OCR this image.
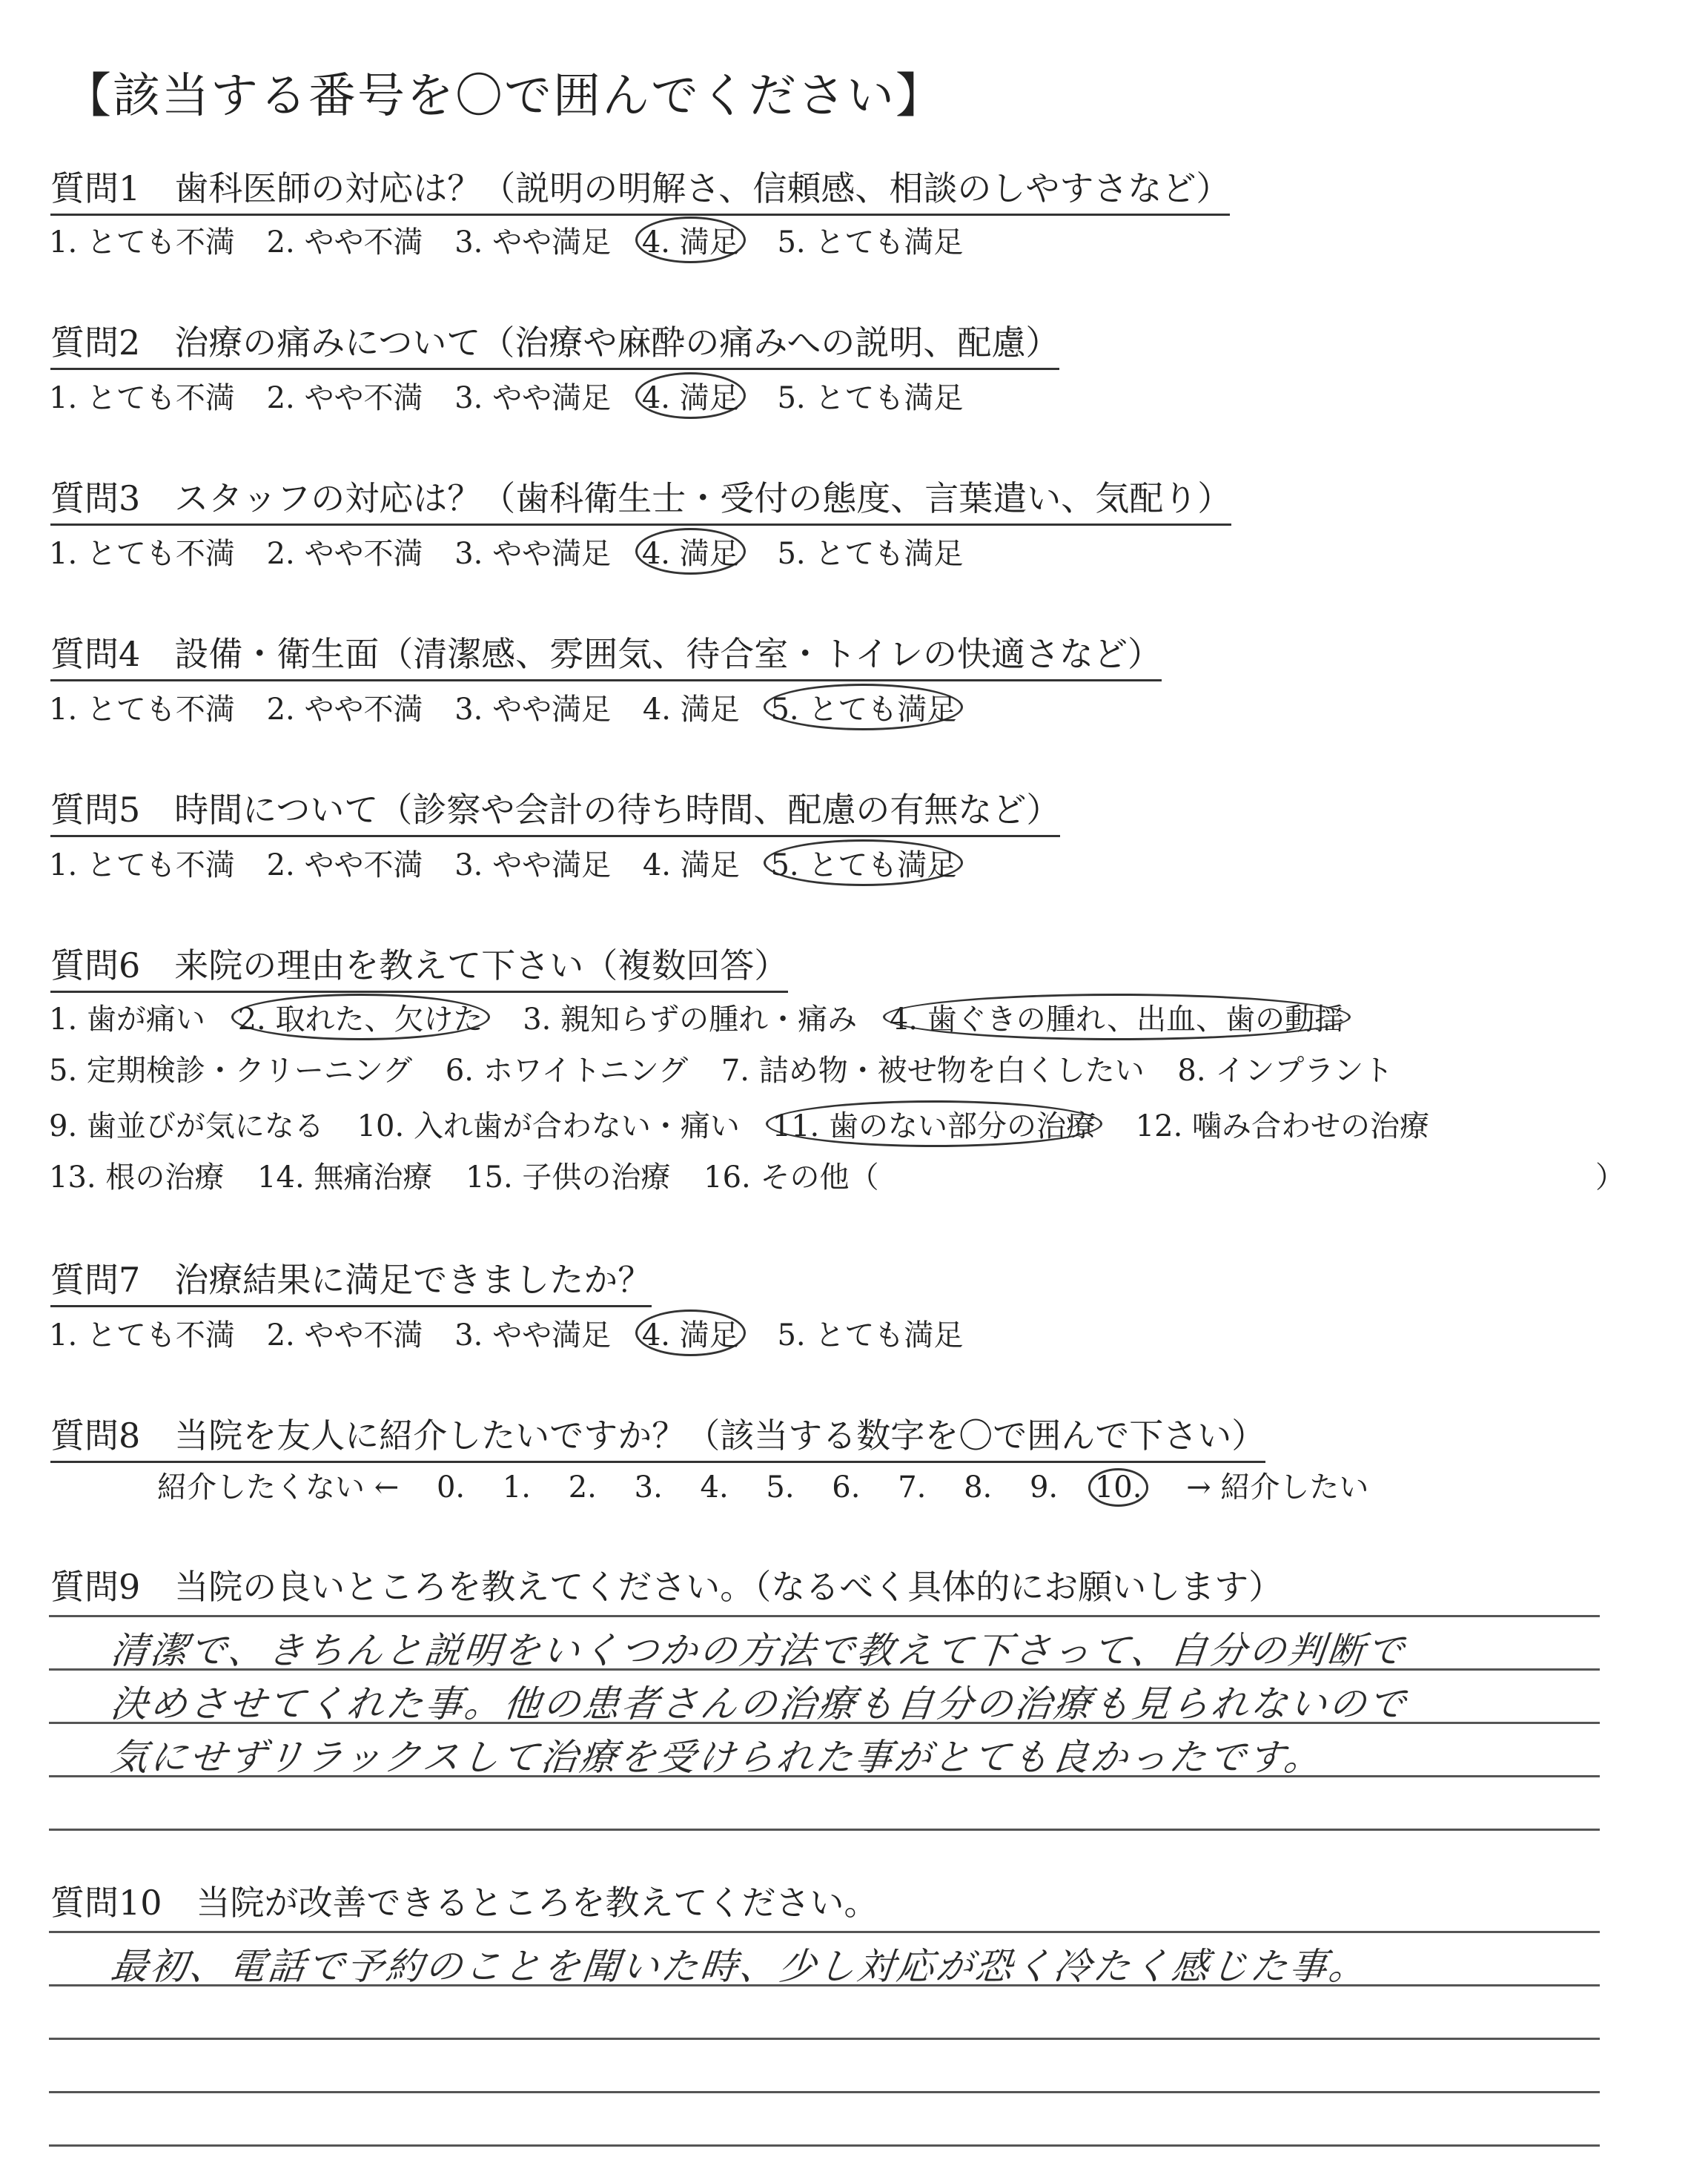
【該当する番号を〇で囲んでください】
質問1　歯科医師の対応は？（説明の明解さ、信頼感、相談のしやすさなど）
1. とても不満 2. やや不満 3. やや満足 4. 満足 5. とても満足
質問2　治療の痛みについて（治療や麻酔の痛みへの説明、配慮）
1. とても不満 2. やや不満 3. やや満足 4. 満足 5. とても満足
質問3　スタッフの対応は？（歯科衛生士・受付の態度、言葉遣い、気配り）
1. とても不満 2. やや不満 3. やや満足 4. 満足 5. とても満足
質問4　設備・衛生面（清潔感、雰囲気、待合室・トイレの快適さなど）
1. とても不満 2. やや不満 3. やや満足 4. 満足 5. とても満足
質問5　時間について（診察や会計の待ち時間、配慮の有無など）
1. とても不満 2. やや不満 3. やや満足 4. 満足 5. とても満足
質問6　来院の理由を教えて下さい（複数回答）
1. 歯が痛い 2. 取れた、欠けた 3. 親知らずの腫れ・痛み 4. 歯ぐきの腫れ、出血、歯の動揺
5. 定期検診・クリーニング 6. ホワイトニング 7. 詰め物・被せ物を白くしたい 8. インプラント
9. 歯並びが気になる 10. 入れ歯が合わない・痛い 11. 歯のない部分の治療 12. 噛み合わせの治療
13. 根の治療 14. 無痛治療 15. 子供の治療 16. その他（	）
質問7　治療結果に満足できましたか？
1. とても不満 2. やや不満 3. やや満足 4. 満足 5. とても満足
質問8　当院を友人に紹介したいですか？（該当する数字を〇で囲んで下さい）
紹介したくない ← 0. 1. 2. 3. 4. 5. 6. 7. 8. 9. 10. → 紹介したい
質問9　当院の良いところを教えてください。（なるべく具体的にお願いします）
清潔で、きちんと説明をいくつかの方法で教えて下さって、自分の判断で
決めさせてくれた事。他の患者さんの治療も自分の治療も見られないので
気にせずリラックスして治療を受けられた事がとても良かったです。
質問10　当院が改善できるところを教えてください。
最初、電話で予約のことを聞いた時、少し対応が恐く冷たく感じた事。
